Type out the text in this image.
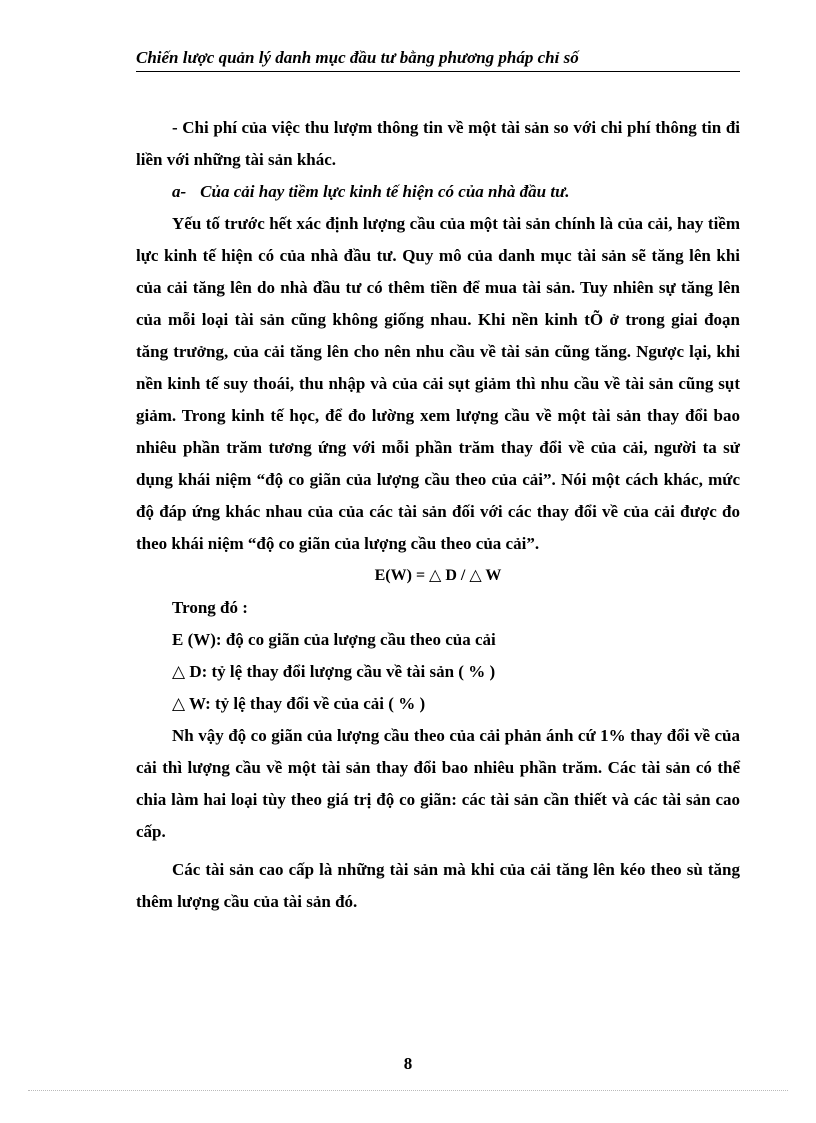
Chiến lược quản lý danh mục đầu tư bằng phương pháp chỉ số

- Chi phí của việc thu lượm thông tin về một tài sản so với chi phí thông tin đi liền với những tài sản khác.

a- Của cải hay tiềm lực kinh tế hiện có của nhà đầu tư.

Yếu tố trước hết xác định lượng cầu của một tài sản chính là của cải, hay tiềm lực kinh tế hiện có của nhà đầu tư. Quy mô của danh mục tài sản sẽ tăng lên khi của cải tăng lên do nhà đầu tư có thêm tiền để mua tài sản. Tuy nhiên sự tăng lên của mỗi loại tài sản cũng không giống nhau. Khi nền kinh tÕ ở trong giai đoạn tăng trưởng, của cải tăng lên cho nên nhu cầu về tài sản cũng tăng. Ngược lại, khi nền kinh tế suy thoái, thu nhập và của cải sụt giảm thì nhu cầu về tài sản cũng sụt giảm. Trong kinh tế học, để đo lường xem lượng cầu về một tài sản thay đổi bao nhiêu phần trăm tương ứng với mỗi phần trăm thay đổi về của cải, người ta sử dụng khái niệm “độ co giãn của lượng cầu theo của cải”. Nói một cách khác, mức độ đáp ứng khác nhau của của các tài sản đối với các thay đổi về của cải được đo theo khái niệm “độ co giãn của lượng cầu theo của cải”.

E(W) = △ D / △ W

Trong đó :

E (W): độ co giãn của lượng cầu theo của cải

△ D: tỷ lệ thay đổi lượng cầu về tài sản ( % )

△ W: tỷ lệ thay đổi về của cải ( % )

Nh vậy độ co giãn của lượng cầu theo của cải phản ánh cứ 1% thay đổi về của cải thì lượng cầu về một tài sản thay đổi bao nhiêu phần trăm. Các tài sản có thể chia làm hai loại tùy theo giá trị độ co giãn: các tài sản cần thiết và các tài sản cao cấp.

Các tài sản cao cấp là những tài sản mà khi của cải tăng lên kéo theo sù tăng thêm lượng cầu của tài sản đó.

8
